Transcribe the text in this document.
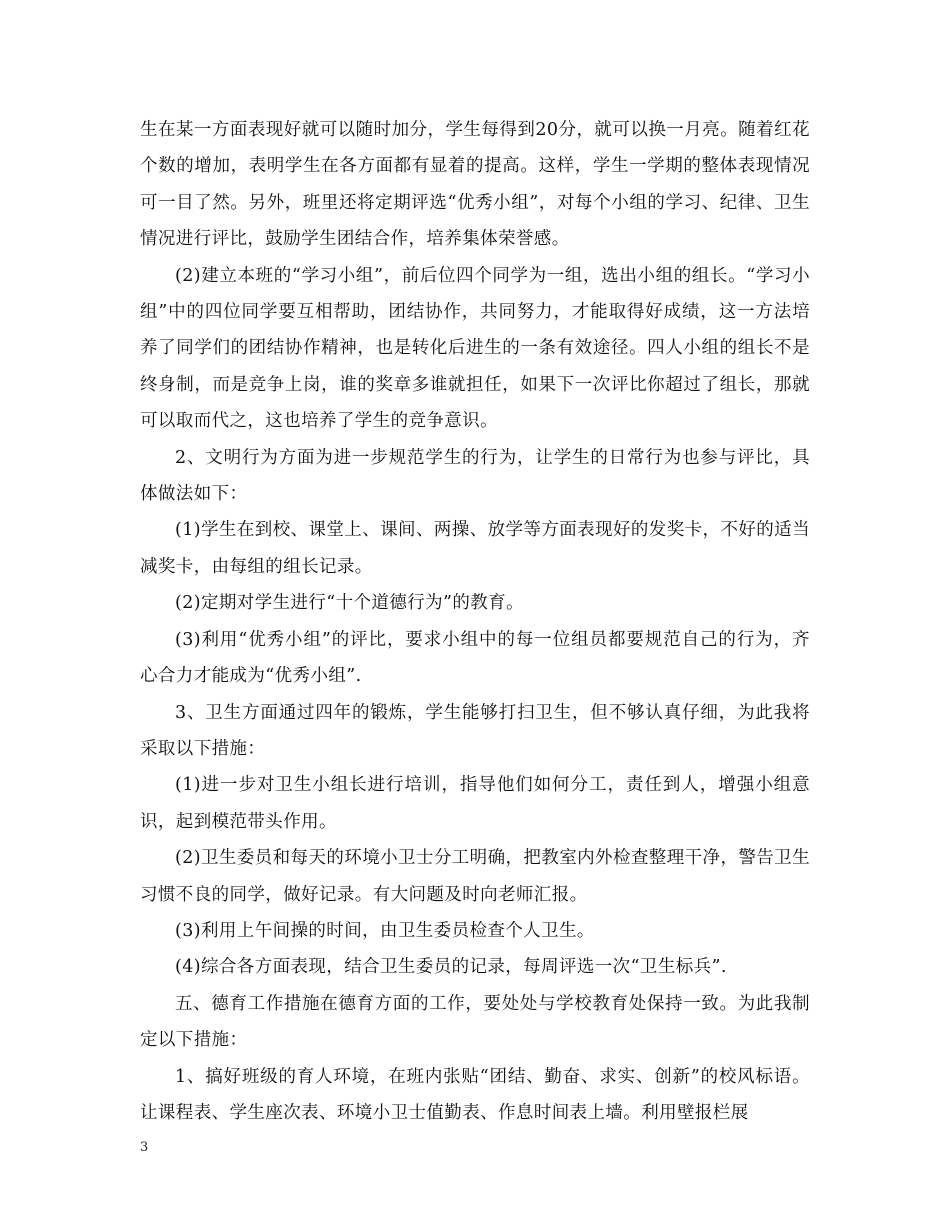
生在某一方面表现好就可以随时加分，学生每得到20分，就可以换一月亮。随着红花个数的增加，表明学生在各方面都有显着的提高。这样，学生一学期的整体表现情况可一目了然。另外，班里还将定期评选“优秀小组”，对每个小组的学习、纪律、卫生情况进行评比，鼓励学生团结合作，培养集体荣誉感。

(2)建立本班的“学习小组”，前后位四个同学为一组，选出小组的组长。“学习小组”中的四位同学要互相帮助，团结协作，共同努力，才能取得好成绩，这一方法培养了同学们的团结协作精神，也是转化后进生的一条有效途径。四人小组的组长不是终身制，而是竞争上岗，谁的奖章多谁就担任，如果下一次评比你超过了组长，那就可以取而代之，这也培养了学生的竞争意识。

2、文明行为方面为进一步规范学生的行为，让学生的日常行为也参与评比，具体做法如下：

(1)学生在到校、课堂上、课间、两操、放学等方面表现好的发奖卡，不好的适当减奖卡，由每组的组长记录。

(2)定期对学生进行“十个道德行为”的教育。

(3)利用“优秀小组”的评比，要求小组中的每一位组员都要规范自己的行为，齐心合力才能成为“优秀小组”.

3、卫生方面通过四年的锻炼，学生能够打扫卫生，但不够认真仔细，为此我将采取以下措施：

(1)进一步对卫生小组长进行培训，指导他们如何分工，责任到人，增强小组意识，起到模范带头作用。

(2)卫生委员和每天的环境小卫士分工明确，把教室内外检查整理干净，警告卫生习惯不良的同学，做好记录。有大问题及时向老师汇报。

(3)利用上午间操的时间，由卫生委员检查个人卫生。

(4)综合各方面表现，结合卫生委员的记录，每周评选一次“卫生标兵”.

五、德育工作措施在德育方面的工作，要处处与学校教育处保持一致。为此我制定以下措施：

1、搞好班级的育人环境，在班内张贴“团结、勤奋、求实、创新”的校风标语。让课程表、学生座次表、环境小卫士值勤表、作息时间表上墙。利用壁报栏展

3
